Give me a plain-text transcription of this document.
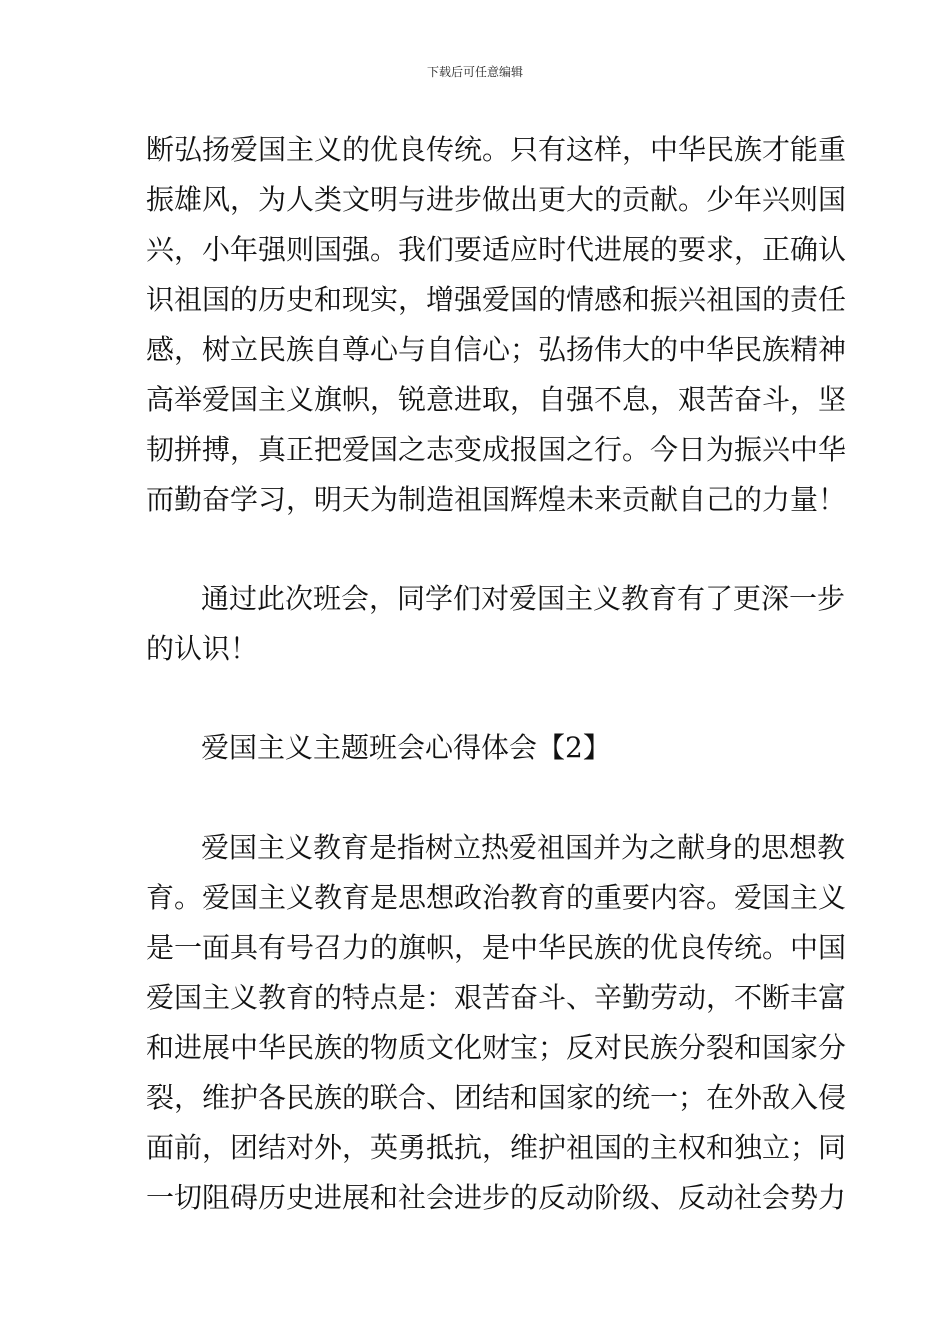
下载后可任意编辑
断弘扬爱国主义的优良传统。只有这样，中华民族才能重
振雄风，为人类文明与进步做出更大的贡献。少年兴则国
兴，小年强则国强。我们要适应时代进展的要求，正确认
识祖国的历史和现实，增强爱国的情感和振兴祖国的责任
感，树立民族自尊心与自信心；弘扬伟大的中华民族精神
高举爱国主义旗帜，锐意进取，自强不息，艰苦奋斗，坚
韧拼搏，真正把爱国之志变成报国之行。今日为振兴中华
而勤奋学习，明天为制造祖国辉煌未来贡献自己的力量！
通过此次班会，同学们对爱国主义教育有了更深一步
的认识！
爱国主义主题班会心得体会【2】
爱国主义教育是指树立热爱祖国并为之献身的思想教
育。爱国主义教育是思想政治教育的重要内容。爱国主义
是一面具有号召力的旗帜，是中华民族的优良传统。中国
爱国主义教育的特点是：艰苦奋斗、辛勤劳动，不断丰富
和进展中华民族的物质文化财宝；反对民族分裂和国家分
裂，维护各民族的联合、团结和国家的统一；在外敌入侵
面前，团结对外，英勇抵抗，维护祖国的主权和独立；同
一切阻碍历史进展和社会进步的反动阶级、反动社会势力
